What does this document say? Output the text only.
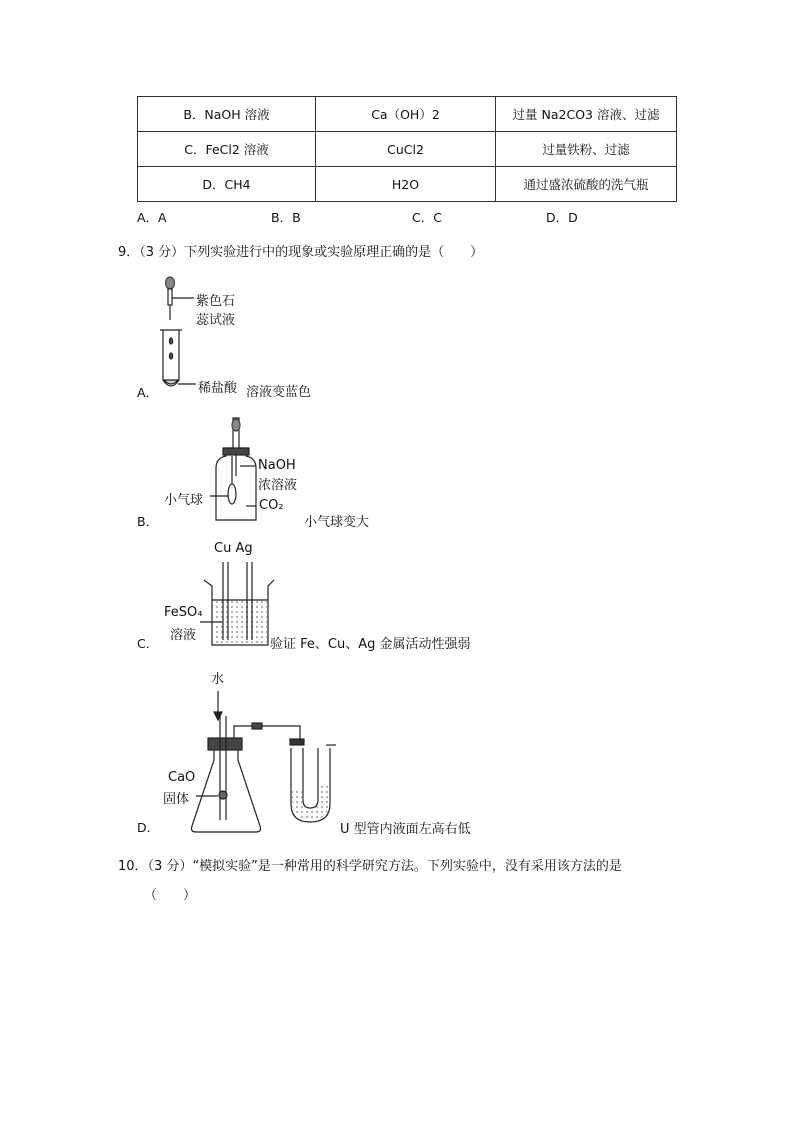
B．NaOH 溶液	Ca（OH）2	过量 Na2CO3 溶液、过滤
C．FeCl2 溶液	CuCl2	过量铁粉、过滤
D．CH4	H2O	通过盛浓硫酸的洗气瓶
A．A	B．B	C．C	D．D
9．（3 分）下列实验进行中的现象或实验原理正确的是（　　）
紫色石
蕊试液
A．	稀盐酸 溶液变蓝色
NaOH
浓溶液
小气球	CO₂
B．	小气球变大
Cu Ag
FeSO₄
溶液
C．	验证 Fe、Cu、Ag 金属活动性强弱
水
CaO
固体
D．	U 型管内液面左高右低
10．（3 分）“模拟实验”是一种常用的科学研究方法。下列实验中，没有采用该方法的是
（　　）
